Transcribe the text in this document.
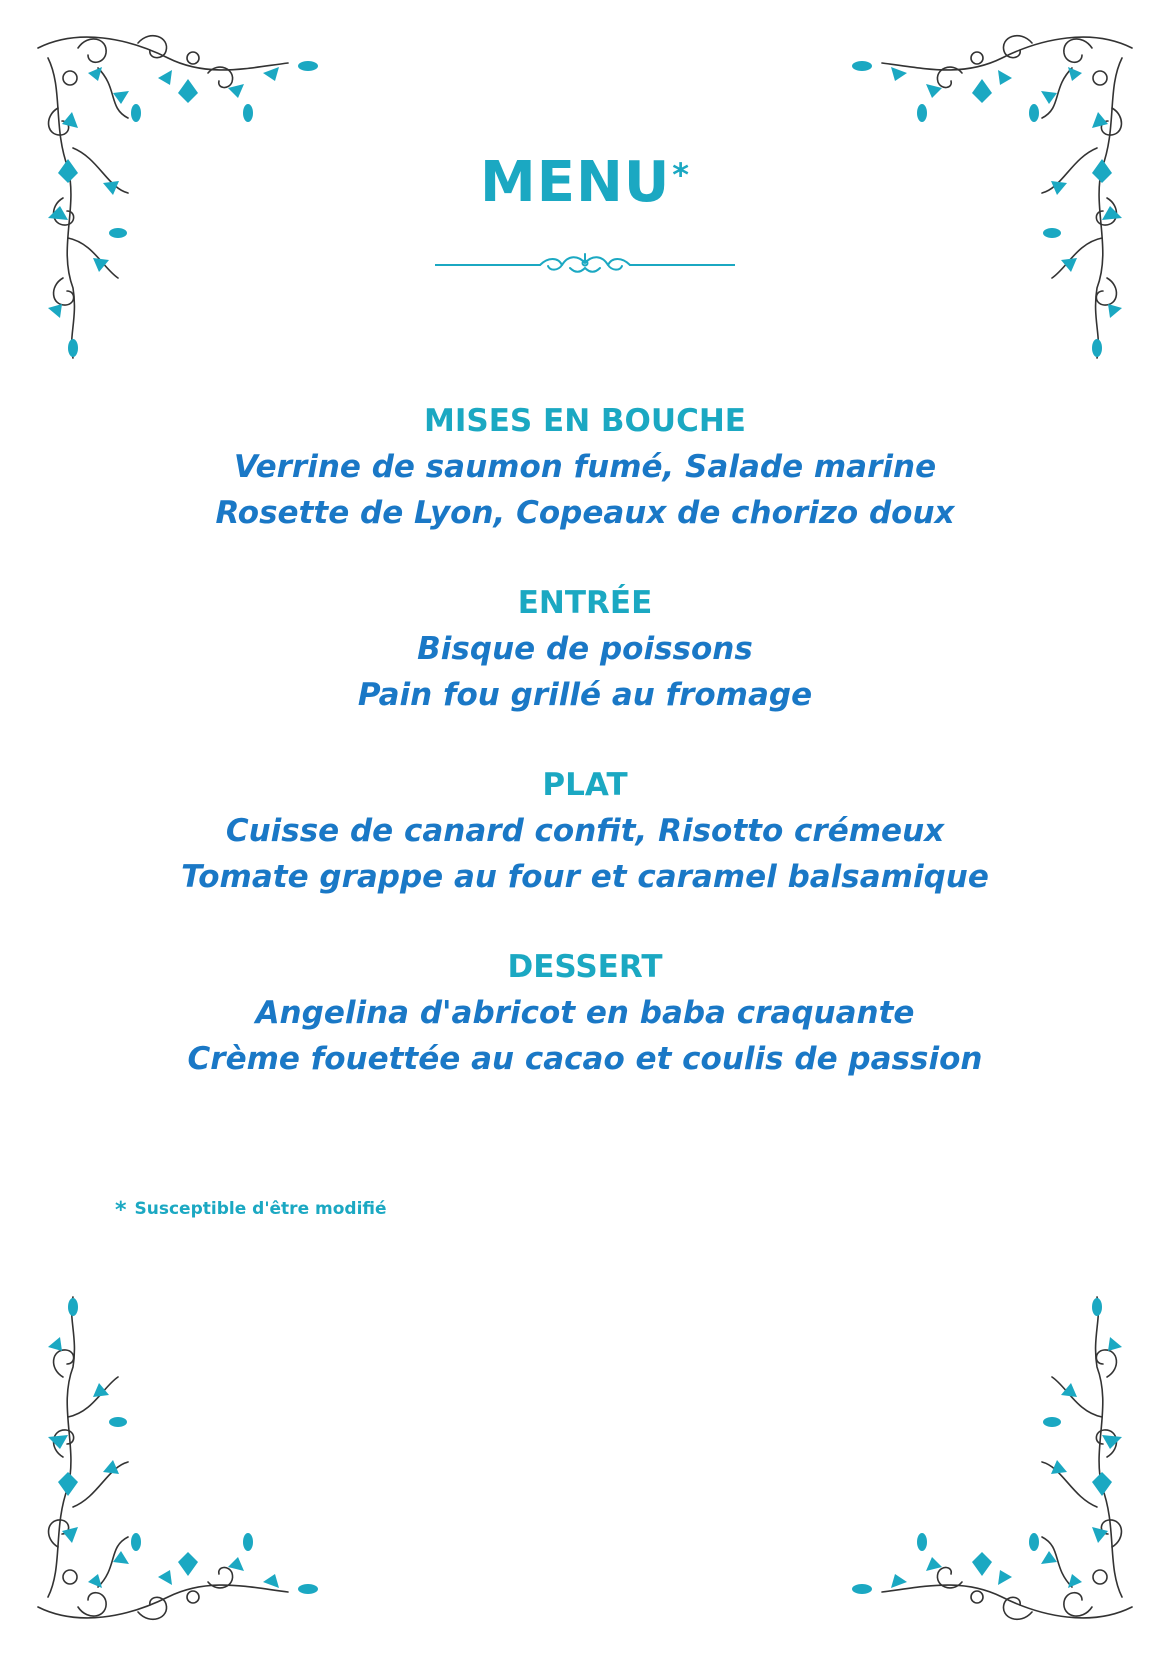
MENU*
MISES EN BOUCHE
Verrine de saumon fumé, Salade marine
Rosette de Lyon, Copeaux de chorizo doux
ENTRÉE
Bisque de poissons
Pain fou grillé au fromage
PLAT
Cuisse de canard confit, Risotto crémeux
Tomate grappe au four et caramel balsamique
DESSERT
Angelina d'abricot en baba craquante
Crème fouettée au cacao et coulis de passion
* Susceptible d'être modifié
